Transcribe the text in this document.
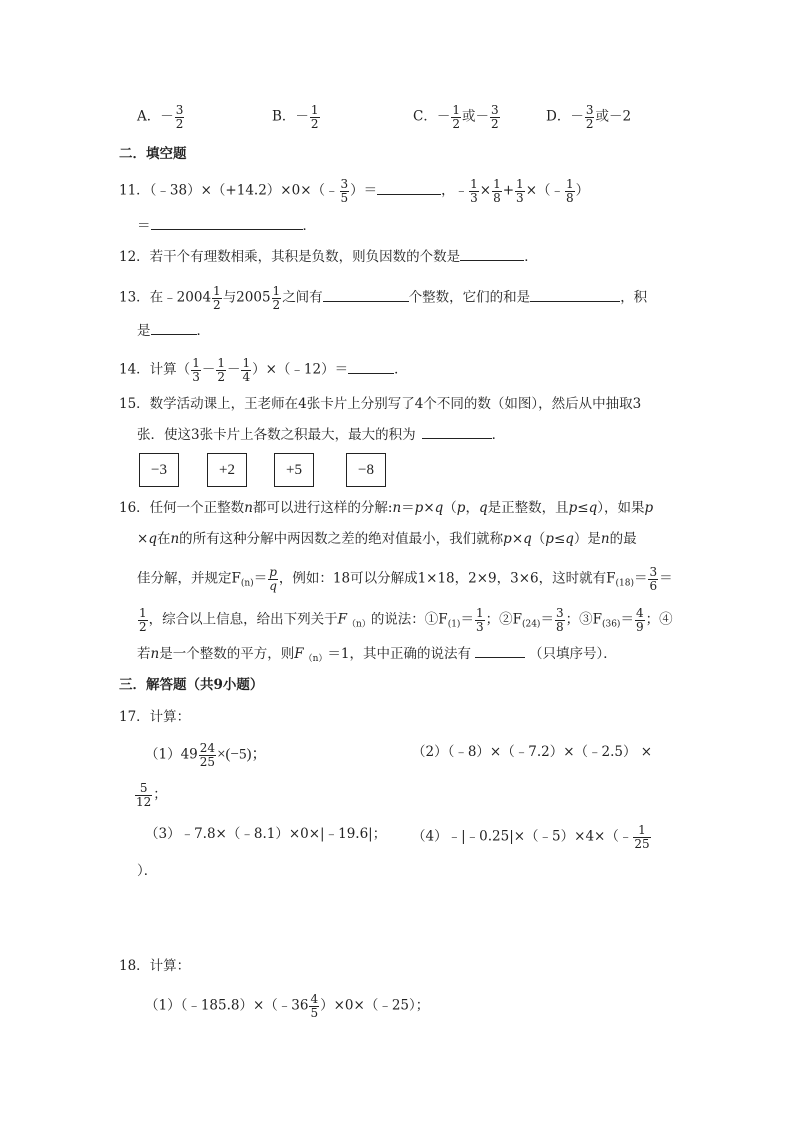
A．－ $\frac{3}{2}$	B．－ $\frac{1}{2}$	C．－ $\frac{1}{2}$ 或－ $\frac{3}{2}$	D．－ $\frac{3}{2}$ 或－2
二．填空题
11．（﹣38）×（+14.2）×0×（﹣ $\frac{3}{5}$ ）＝	，﹣ $\frac{1}{3} \times \frac{1}{8} + \frac{1}{3}$ ×（﹣ $\frac{1}{8}$ ）
＝	．
12．若干个有理数相乘，其积是负数，则负因数的个数是	．
13．在﹣2004 $\frac{1}{2}$ 与$2005 \frac{1}{2}$ 之间有	个整数，它们的和是	，积
是	．
14．计算（ $\frac{1}{3} - \frac{1}{2} - \frac{1}{4}$ ）×（﹣12）＝	．
15．数学活动课上，王老师在4张卡片上分别写了4个不同的数（如图），然后从中抽取3
张．使这3张卡片上各数之积最大，最大的积为	．
−3	+2	+5	−8
16．任何一个正整数n都可以进行这样的分解:n＝p×q（p，q是正整数，且p≤q），如果p
×q在n的所有这种分解中两因数之差的绝对值最小，我们就称p×q（p≤q）是n的最
佳分解，并规定$F_{(n)}= \frac{p}{q}$ ，例如：18可以分解成1×18，2×9，3×6，这时就有$F_{(18)}= \frac{3}{6}$ ＝
$\frac{1}{2}$ ，综合以上信息，给出下列关于$F_{(n)}$的说法：$①F_{(1)}= \frac{1}{3}$ ；$②F_{(24)}= \frac{3}{8}$ ；$③F_{(36)}= \frac{4}{9}$ ；④
若n是一个整数的平方，则$F_{(n)}=1$，其中正确的说法有	（只填序号）．
三．解答题（共9小题）
17．计算：
$(1)49 \frac{24}{25} \times(-5)$；	（2）（﹣8）×（﹣7.2）×（﹣2.5） ×
$\frac{5}{12}$ ；
（3）﹣7.8×（﹣8.1）×0×|﹣19.6|； （4）﹣|﹣0.25|×（﹣5）×4×（﹣ $\frac{1}{25}$
）．
18．计算：
（1）（﹣185.8）×（﹣36 $\frac{4}{5}$ ）×0×（﹣25）；
